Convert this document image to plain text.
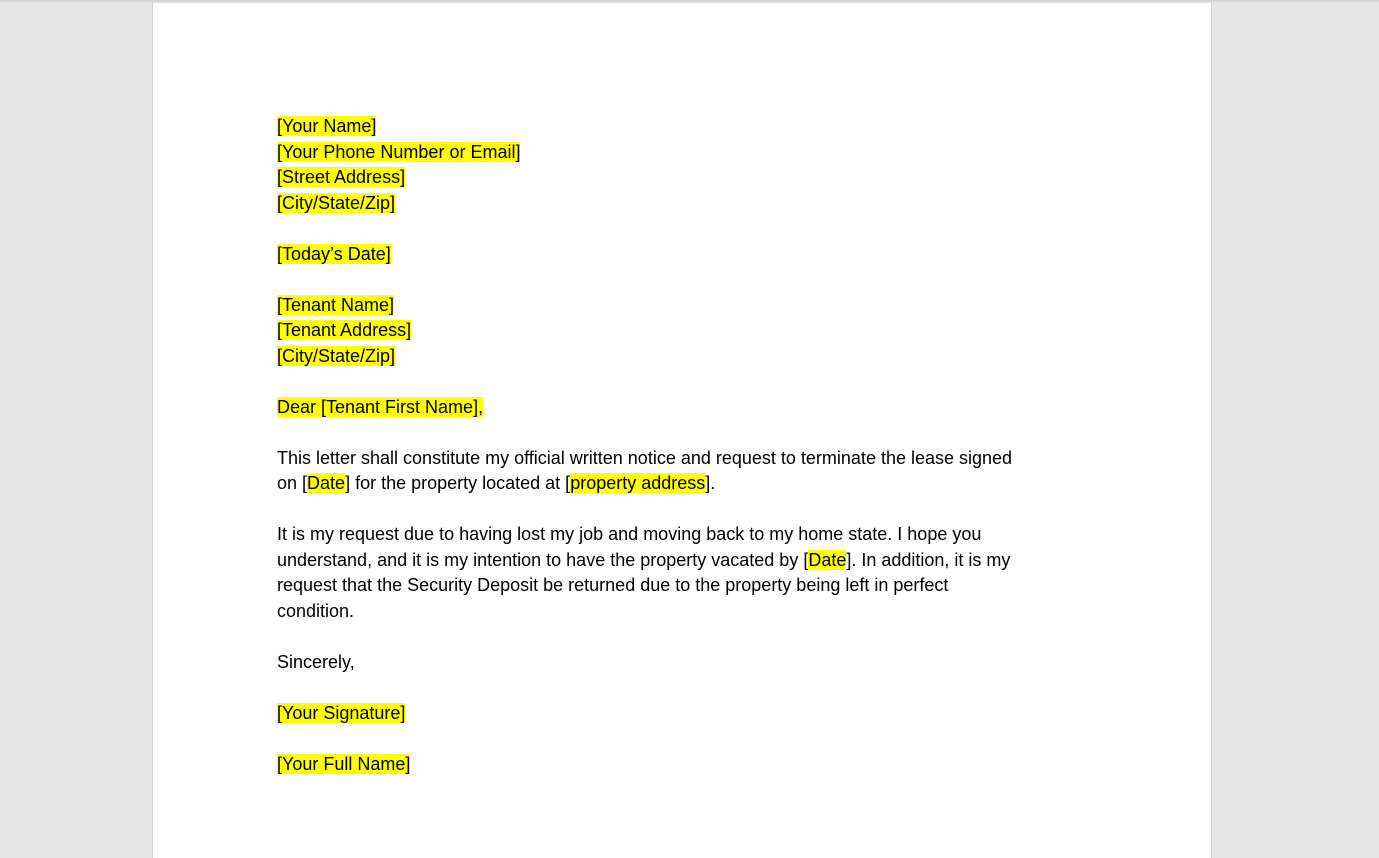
[Your Name]
[Your Phone Number or Email]
[Street Address]
[City/State/Zip]
[Today’s Date]
[Tenant Name]
[Tenant Address]
[City/State/Zip]
Dear [Tenant First Name],
This letter shall constitute my official written notice and request to terminate the lease signed
on [Date] for the property located at [property address].
It is my request due to having lost my job and moving back to my home state. I hope you
understand, and it is my intention to have the property vacated by [Date]. In addition, it is my
request that the Security Deposit be returned due to the property being left in perfect
condition.
Sincerely,
[Your Signature]
[Your Full Name]
